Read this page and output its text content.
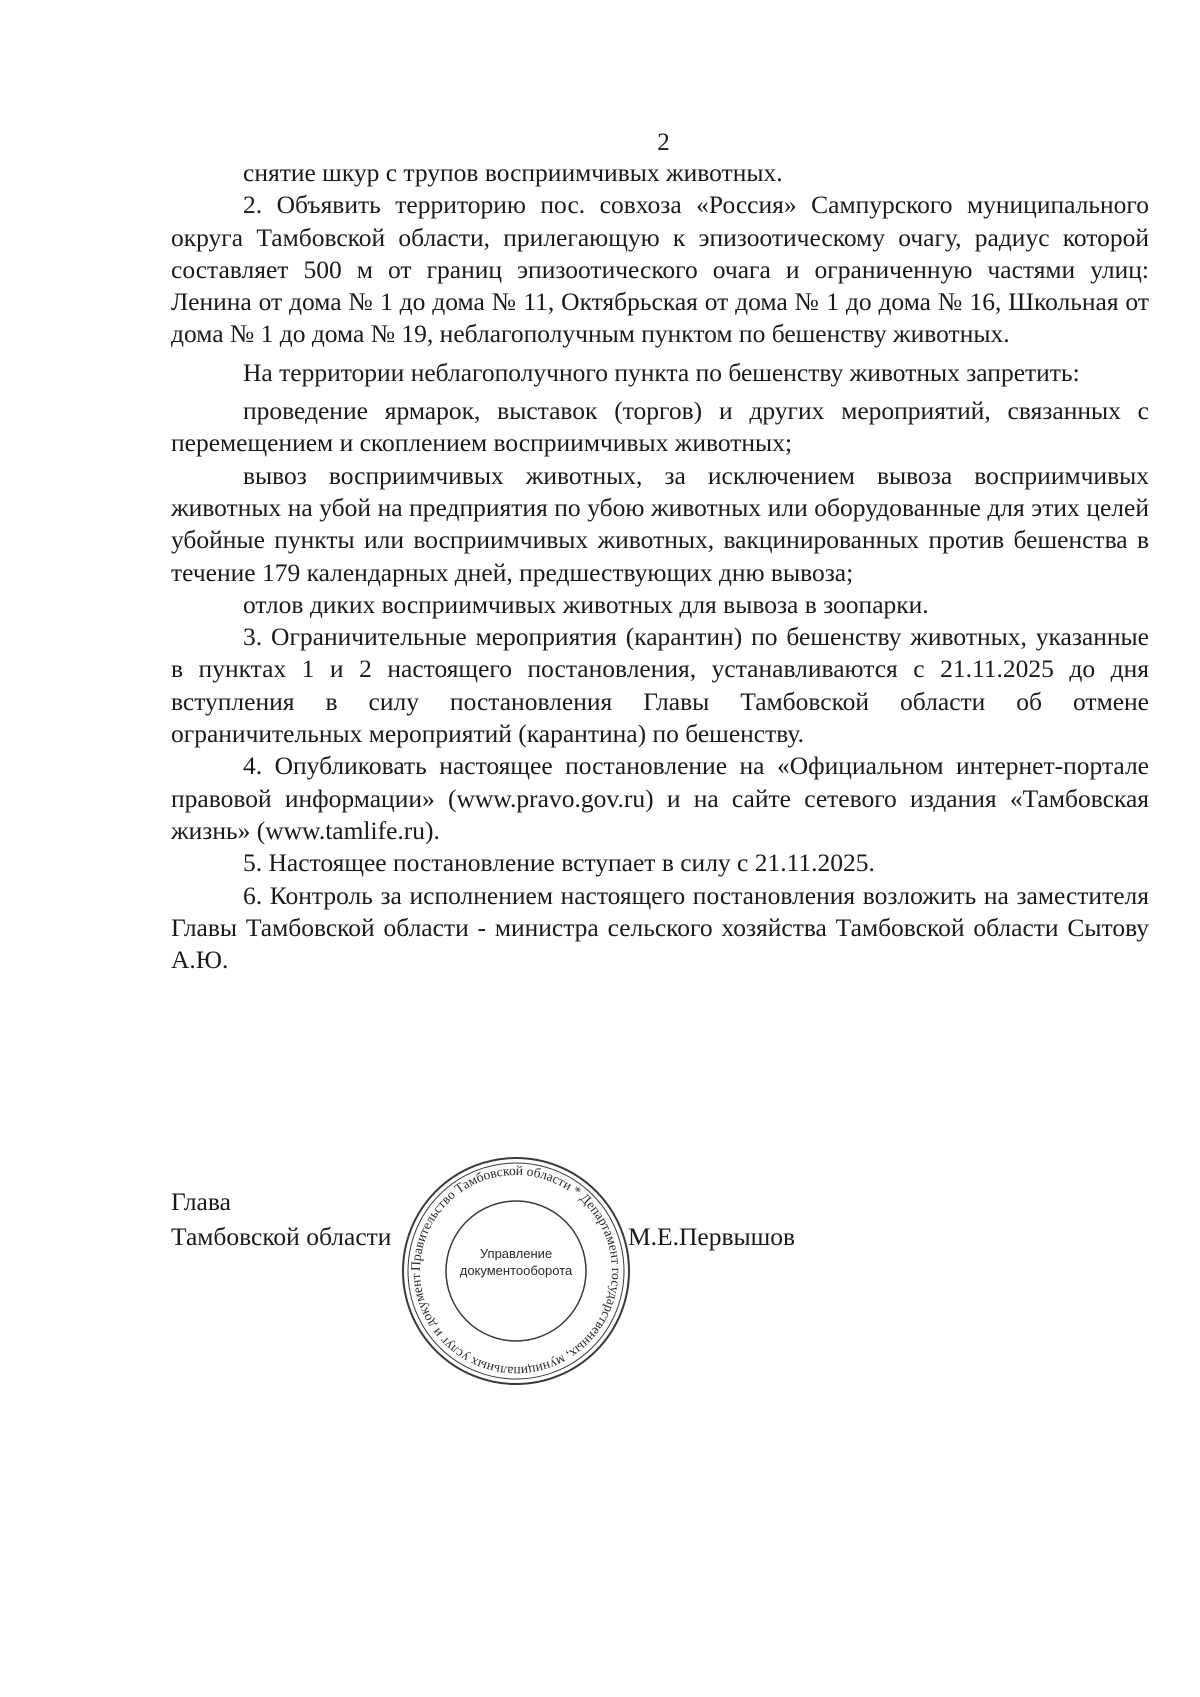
2

снятие шкур с трупов восприимчивых животных.

2. Объявить территорию пос. совхоза «Россия» Сампурского муниципального округа Тамбовской области, прилегающую к эпизоотическому очагу, радиус которой составляет 500 м от границ эпизоотического очага и ограниченную частями улиц: Ленина от дома № 1 до дома № 11, Октябрьская от дома № 1 до дома № 16, Школьная от дома № 1 до дома № 19, неблагополучным пунктом по бешенству животных.

На территории неблагополучного пункта по бешенству животных запретить:

проведение ярмарок, выставок (торгов) и других мероприятий, связанных с перемещением и скоплением восприимчивых животных;

вывоз восприимчивых животных, за исключением вывоза восприимчивых животных на убой на предприятия по убою животных или оборудованные для этих целей убойные пункты или восприимчивых животных, вакцинированных против бешенства в течение 179 календарных дней, предшествующих дню вывоза;

отлов диких восприимчивых животных для вывоза в зоопарки.

3. Ограничительные мероприятия (карантин) по бешенству животных, указанные в пунктах 1 и 2 настоящего постановления, устанавливаются с 21.11.2025 до дня вступления в силу постановления Главы Тамбовской области об отмене ограничительных мероприятий (карантина) по бешенству.

4. Опубликовать настоящее постановление на «Официальном интернет-портале правовой информации» (www.pravo.gov.ru) и на сайте сетевого издания «Тамбовская жизнь» (www.tamlife.ru).

5. Настоящее постановление вступает в силу с 21.11.2025.

6. Контроль за исполнением настоящего постановления возложить на заместителя Главы Тамбовской области - министра сельского хозяйства Тамбовской области Сытову А.Ю.

Глава
Тамбовской области	М.Е.Первышов
Правительство Тамбовской области * Департамент государственных, муниципальных услуг и документ
Управление
документооборота
